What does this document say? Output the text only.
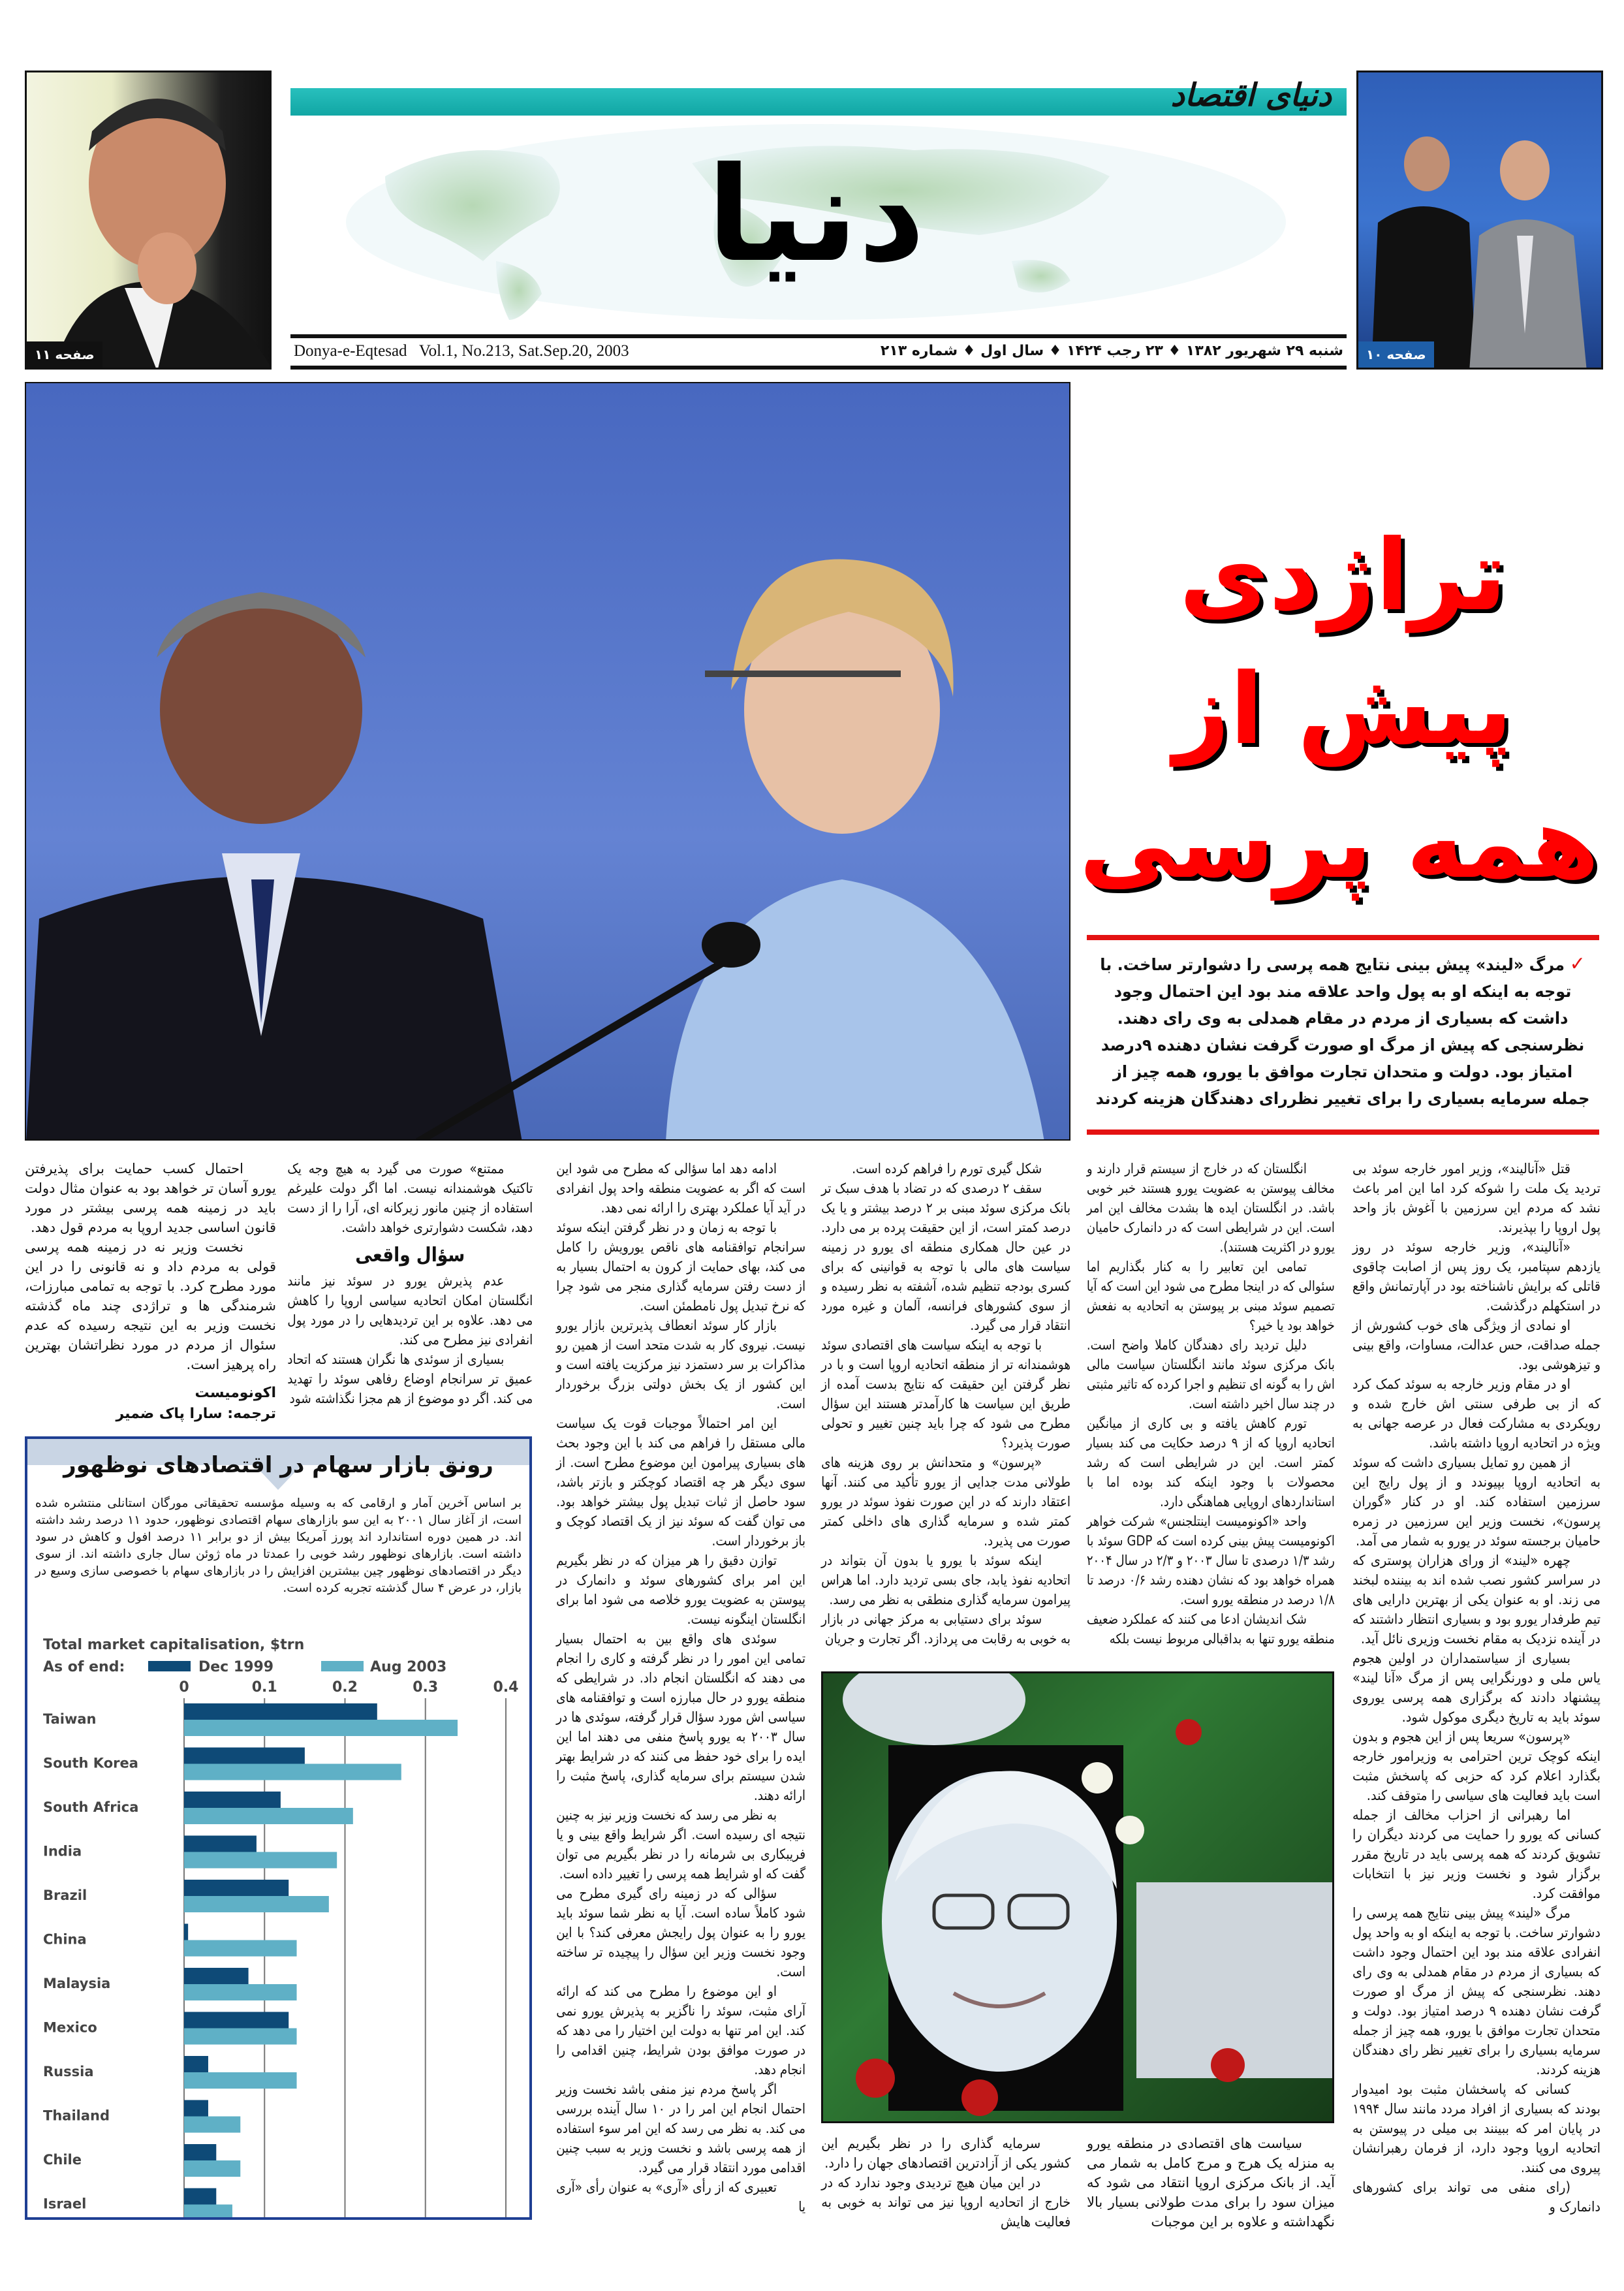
صفحه ۱۱
دنیای اقتصاد
دنیا
Donya-e-Eqtesad   Vol.1, No.213, Sat.Sep.20, 2003	شنبه ۲۹ شهریور ۱۳۸۲ ♦ ۲۳ رجب ۱۴۲۴ ♦ سال اول ♦ شماره ۲۱۳	صفحه ۱۰
تراژدی
پیش از
همه پرسی
✓مرگ «لیند» پیش بینی نتایج همه پرسی را دشوارتر ساخت. با توجه به اینکه او به پول واحد علاقه مند بود این احتمال وجود داشت که بسیاری از مردم در مقام همدلی به وی رای دهند. نظرسنجی که پیش از مرگ او صورت گرفت نشان دهنده ۹درصد امتیاز بود. دولت و متحدان تجارت موافق با یورو، همه چیز از جمله سرمایه بسیاری را برای تغییر نظررای دهندگان هزینه کردند

قتل «آنالیند»، وزیر امور خارجه سوئد بی تردید یک ملت را شوکه کرد اما این امر باعث نشد که مردم این سرزمین با آغوش باز واحد پول اروپا را بپذیرند.

«آنالیند»، وزیر خارجه سوئد در روز یازدهم سپتامبر، یک روز پس از اصابت چاقوی قاتلی که برایش ناشناخته بود در آپارتمانش واقع در استکهلم درگذشت.

او نمادی از ویژگی های خوب کشورش از جمله صداقت، حس عدالت، مساوات، واقع بینی و تیزهوشی بود.

او در مقام وزیر خارجه به سوئد کمک کرد که از بی طرفی سنتی اش خارج شده و رویکردی به مشارکت فعال در عرصه جهانی به ویژه در اتحادیه اروپا داشته باشد.

از همین رو تمایل بسیاری داشت که سوئد به اتحادیه اروپا بپیوندد و از پول رایج این سرزمین استفاده کند. او در کنار «گوران پرسون»، نخست وزیر این سرزمین در زمره حامیان برجسته سوئد در یورو به شمار می آمد.

چهره «لیند» از ورای هزاران پوستری که در سراسر کشور نصب شده اند به بیننده لبخند می زند. او به عنوان یکی از بهترین دارایی های تیم طرفدار یورو بود و بسیاری انتظار داشتند که در آینده نزدیک به مقام نخست وزیری نائل آید.

بسیاری از سیاستمداران در اولین هجوم یاس ملی و دورنگرایی پس از مرگ «آنا لیند» پیشنهاد دادند که برگزاری همه پرسی یوروی سوئد باید به تاریخ دیگری موکول شود.

«پرسون» سریعا پس از این هجوم و بدون اینکه کوچک ترین احترامی به وزیرامور خارجه بگذارد اعلام کرد که حزبی که پاسخش مثبت است باید فعالیت های سیاسی را متوقف کند.

اما رهبرانی از احزاب مخالف از جمله کسانی که یورو را حمایت می کردند دیگران را تشویق کردند که همه پرسی باید در تاریخ مقرر برگزار شود و نخست وزیر نیز با انتخابات موافقت کرد.

مرگ «لیند» پیش بینی نتایج همه پرسی را دشوارتر ساخت. با توجه به اینکه او به واحد پول انفرادی علاقه مند بود این احتمال وجود داشت که بسیاری از مردم در مقام همدلی به وی رای دهند. نظرسنجی که پیش از مرگ او صورت گرفت نشان دهنده ۹ درصد امتیاز بود. دولت و متحدان تجارت موافق با یورو، همه چیز از جمله سرمایه بسیاری را برای تغییر نظر رای دهندگان هزینه کردند.

کسانی که پاسخشان مثبت بود امیدوار بودند که بسیاری از افراد مردد مانند سال ۱۹۹۴ در پایان امر که ببینند بی میلی در پیوستن به اتحادیه اروپا وجود دارد، از فرمان رهبرانشان پیروی می کنند.

(رای منفی می تواند برای کشورهای دانمارک و

انگلستان که در خارج از سیستم قرار دارند و مخالف پیوستن به عضویت یورو هستند خبر خوبی باشد. در انگلستان ایده ها بشدت مخالف این امر است. این در شرایطی است که در دانمارک حامیان یورو در اکثریت هستند).

تمامی این تعابیر را به کنار بگذاریم اما سئوالی که در اینجا مطرح می شود این است که آیا تصمیم سوئد مبنی بر پیوستن به اتحادیه به نفعش خواهد بود یا خیر؟

دلیل تردید رای دهندگان کاملا واضح است. بانک مرکزی سوئد مانند انگلستان سیاست مالی اش را به گونه ای تنظیم و اجرا کرده که تاثیر مثبتی در چند سال اخیر داشته است.

تورم کاهش یافته و بی کاری از میانگین اتحادیه اروپا که از ۹ درصد حکایت می کند بسیار کمتر است. این در شرایطی است که رشد محصولات با وجود اینکه کند بوده اما با استانداردهای اروپایی هماهنگی دارد.

واحد «اکونومیست اینتلجنس» شرکت خواهر اکونومیست پیش بینی کرده است که GDP سوئد با رشد ۱/۳ درصدی تا سال ۲۰۰۳ و ۲/۳ در سال ۲۰۰۴ همراه خواهد بود که نشان دهنده رشد ۰/۶ درصد تا ۱/۸ درصد در منطقه یورو است.

شک اندیشان ادعا می کنند که عملکرد ضعیف منطقه یورو تنها به بداقبالی مربوط نیست بلکه

شکل گیری تورم را فراهم کرده است.

سقف ۲ درصدی که در تضاد با هدف سبک تر بانک مرکزی سوئد مبنی بر ۲ درصد بیشتر و یا یک درصد کمتر است، از این حقیقت پرده بر می دارد. در عین حال همکاری منطقه ای یورو در زمینه سیاست های مالی با توجه به قوانینی که برای کسری بودجه تنظیم شده، آشفته به نظر رسیده و از سوی کشورهای فرانسه، آلمان و غیره مورد انتقاد قرار می گیرد.

با توجه به اینکه سیاست های اقتصادی سوئد هوشمندانه تر از منطقه اتحادیه اروپا است و با در نظر گرفتن این حقیقت که نتایج بدست آمده از طریق این سیاست ها کارآمدتر هستند این سؤال مطرح می شود که چرا باید چنین تغییر و تحولی صورت پذیرد؟

«پرسون» و متحدانش بر روی هزینه های طولانی مدت جدایی از یورو تأکید می کنند. آنها اعتقاد دارند که در این صورت نفوذ سوئد در یورو کمتر شده و سرمایه گذاری های داخلی کمتر صورت می پذیرد.

اینکه سوئد با یورو یا بدون آن بتواند در اتحادیه نفوذ یابد، جای بسی تردید دارد. اما هراس پیرامون سرمایه گذاری منطقی به نظر می رسد.

سوئد برای دستیابی به مرکز جهانی در بازار به خوبی به رقابت می پردازد. اگر تجارت و جریان

سیاست های اقتصادی در منطقه یورو به منزله یک هرج و مرج کامل به شمار می آید. از بانک مرکزی اروپا انتقاد می شود که میزان سود را برای مدت طولانی بسیار بالا نگهداشته و علاوه بر این موجبات

سرمایه گذاری را در نظر بگیریم این کشور یکی از آزادترین اقتصادهای جهان را دارد.

در این میان هیچ تردیدی وجود ندارد که در خارج از اتحادیه اروپا نیز می تواند به خوبی به فعالیت هایش

ادامه دهد اما سؤالی که مطرح می شود این است که اگر به عضویت منطقه واحد پول انفرادی در آید آیا عملکرد بهتری را ارائه نمی دهد.

با توجه به زمان و در نظر گرفتن اینکه سوئد سرانجام توافقنامه های ناقص یورویش را کامل می کند، بهای حمایت از کرون به احتمال بسیار به از دست رفتن سرمایه گذاری منجر می شود چرا که نرخ تبدیل پول نامطمئن است.

بازار کار سوئد انعطاف پذیرترین بازار یورو نیست. نیروی کار به شدت متحد است از همین رو مذاکرات بر سر دستمزد نیز مرکزیت یافته است و این کشور از یک بخش دولتی بزرگ برخوردار است.

این امر احتمالاً موجبات قوت یک سیاست مالی مستقل را فراهم می کند با این وجود بحث های بسیاری پیرامون این موضوع مطرح است. از سوی دیگر هر چه اقتصاد کوچکتر و بازتر باشد، سود حاصل از ثبات تبدیل پول بیشتر خواهد بود. می توان گفت که سوئد نیز از یک اقتصاد کوچک و باز برخوردار است.

توازن دقیق را هر میزان که در نظر بگیریم این امر برای کشورهای سوئد و دانمارک در پیوستن به عضویت یورو خلاصه می شود اما برای انگلستان اینگونه نیست.

سوئدی های واقع بین به احتمال بسیار تمامی این امور را در نظر گرفته و کاری را انجام می دهند که انگلستان انجام داد. در شرایطی که منطقه یورو در حال مبارزه است و توافقنامه های سیاسی اش مورد سؤال قرار گرفته، سوئدی ها در سال ۲۰۰۳ به یورو پاسخ منفی می دهند اما این ایده را برای خود حفظ می کنند که در شرایط بهتر شدن سیستم برای سرمایه گذاری، پاسخ مثبت را ارائه دهند.

به نظر می رسد که نخست وزیر نیز به چنین نتیجه ای رسیده است. اگر شرایط واقع بینی و یا فریبکاری بی شرمانه را در نظر بگیریم می توان گفت که او شرایط همه پرسی را تغییر داده است.

سؤالی که در زمینه رای گیری مطرح می شود کاملاً ساده است. آیا به نظر شما سوئد باید یورو را به عنوان پول رایجش معرفی کند؟ با این وجود نخست وزیر این سؤال را پیچیده تر ساخته است.

او این موضوع را مطرح می کند که ارائه آرای مثبت، سوئد را ناگزیر به پذیرش یورو نمی کند. این امر تنها به دولت این اختیار را می دهد که در صورت موافق بودن شرایط، چنین اقدامی را انجام دهد.

اگر پاسخ مردم نیز منفی باشد نخست وزیر احتمال انجام این امر را در ۱۰ سال آینده بررسی می کند. به نظر می رسد که این امر سوء استفاده از همه پرسی باشد و نخست وزیر به سبب چنین اقدامی مورد انتقاد قرار می گیرد.

تعبیری که از رأی «آری» به عنوان رأی «آری یا

ممتنع» صورت می گیرد به هیچ وجه یک تاکتیک هوشمندانه نیست. اما اگر دولت علیرغم استفاده از چنین مانور زیرکانه ای، آرا را از دست دهد، شکست دشوارتری خواهد داشت.

سؤال واقعی

عدم پذیرش یورو در سوئد نیز مانند انگلستان امکان اتحادیه سیاسی اروپا را کاهش می دهد. علاوه بر این تردیدهایی را در مورد پول انفرادی نیز مطرح می کند.

بسیاری از سوئدی ها نگران هستند که اتحاد عمیق تر سرانجام اوضاع رفاهی سوئد را تهدید می کند. اگر دو موضوع از هم مجزا نگذاشته شود

احتمال کسب حمایت برای پذیرفتن یورو آسان تر خواهد بود به عنوان مثال دولت باید در زمینه همه پرسی بیشتر در مورد قانون اساسی جدید اروپا به مردم قول دهد.

نخست وزیر نه در زمینه همه پرسی قولی به مردم داد و نه قانونی را در این مورد مطرح کرد. با توجه به تمامی مبارزات، شرمندگی ها و تراژدی چند ماه گذشته نخست وزیر به این نتیجه رسیده که عدم سئوال از مردم در مورد نظراتشان بهترین راه پرهیز است.

اکونومیست

ترجمه: سارا پاک ضمیر

رونق بازار سهام در اقتصادهای نوظهور
بر اساس آخرین آمار و ارقامی که به وسیله مؤسسه تحقیقاتی مورگان استانلی منتشره شده است، از آغاز سال ۲۰۰۱ به این سو بازارهای سهام اقتصادی نوظهور، حدود ۱۱ درصد رشد داشته اند. در همین دوره استاندارد اند پورز آمریکا بیش از دو برابر ۱۱ درصد افول و کاهش در سود داشته است. بازارهای نوظهور رشد خوبی را عمدتا در ماه ژوئن سال جاری داشته اند. از سوی دیگر در اقتصادهای نوظهور چین بیشترین افزایش را در بازارهای سهام با خصوصی سازی وسیع در بازار، در عرض ۴ سال گذشته تجربه کرده است.
Total market capitalisation, $trn
As of end:	Dec 1999	Aug 2003
0	0.1	0.2	0.3	0.4
Taiwan
South Korea
South Africa
India
Brazil
China
Malaysia
Mexico
Russia
Thailand
Chile
Israel
